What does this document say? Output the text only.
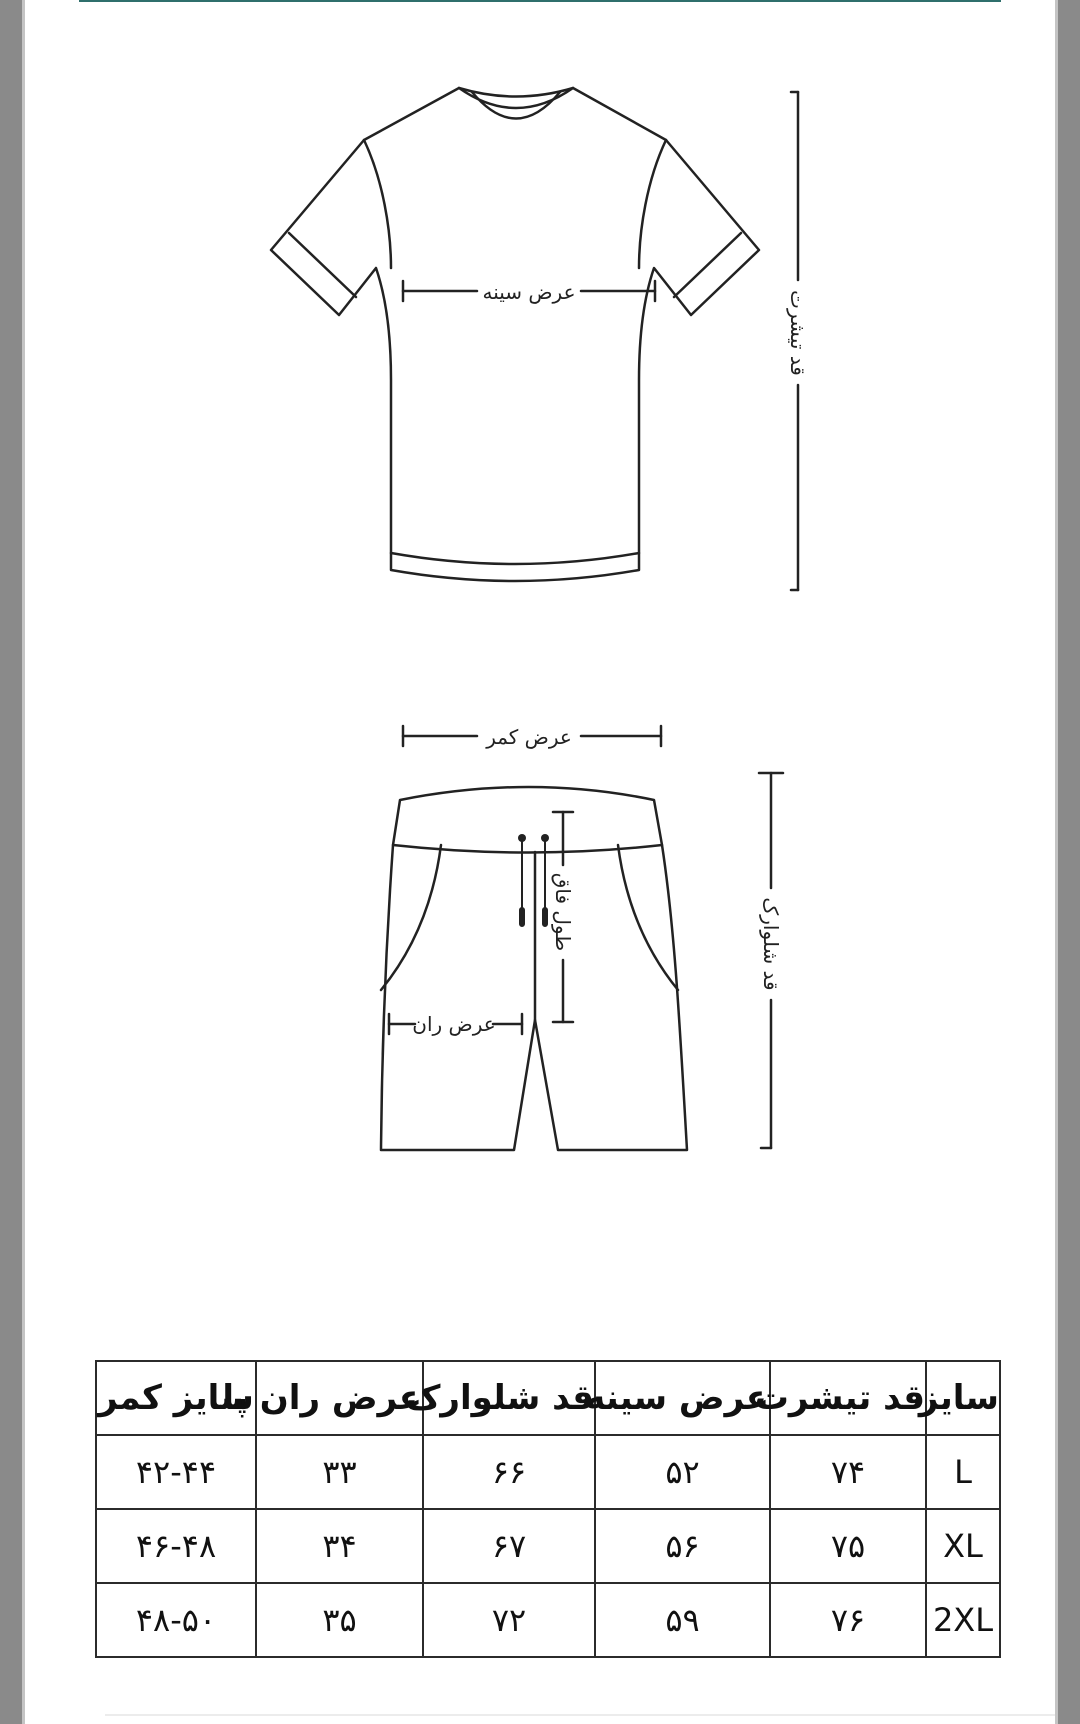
عرض سینه	قد تیشرت
عرض کمر
طول فاق
عرض ران
قد شلوارک
سایز	قد تیشرت	عرض سینه	قد شلوارک	عرض ران پا	سایز کمر
L	۷۴	۵۲	۶۶	۳۳	۴۲-۴۴
XL	۷۵	۵۶	۶۷	۳۴	۴۶-۴۸
2XL	۷۶	۵۹	۷۲	۳۵	۴۸-۵۰
